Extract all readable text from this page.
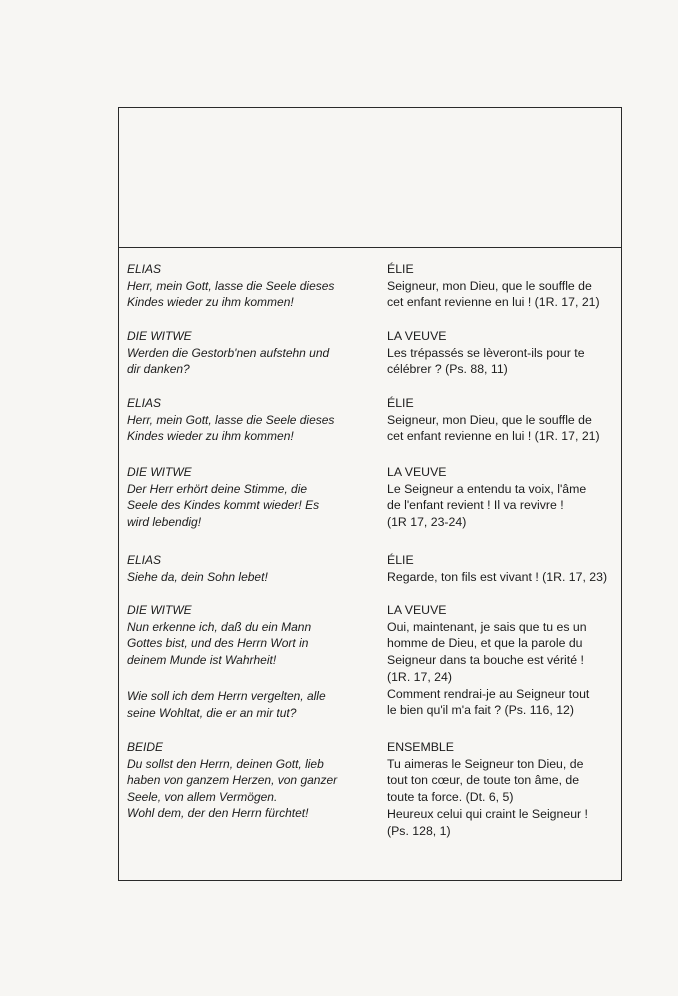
ELIAS
Herr, mein Gott, lasse die Seele dieses
Kindes wieder zu ihm kommen!
DIE WITWE
Werden die Gestorb'nen aufstehn und
dir danken?
ELIAS
Herr, mein Gott, lasse die Seele dieses
Kindes wieder zu ihm kommen!
DIE WITWE
Der Herr erhört deine Stimme, die
Seele des Kindes kommt wieder! Es
wird lebendig!
ELIAS
Siehe da, dein Sohn lebet!
DIE WITWE
Nun erkenne ich, daß du ein Mann
Gottes bist, und des Herrn Wort in
deinem Munde ist Wahrheit!
Wie soll ich dem Herrn vergelten, alle
seine Wohltat, die er an mir tut?
BEIDE
Du sollst den Herrn, deinen Gott, lieb
haben von ganzem Herzen, von ganzer
Seele, von allem Vermögen.
Wohl dem, der den Herrn fürchtet!
ÉLIE
Seigneur, mon Dieu, que le souffle de
cet enfant revienne en lui ! (1R. 17, 21)
LA VEUVE
Les trépassés se lèveront-ils pour te
célébrer ? (Ps. 88, 11)
ÉLIE
Seigneur, mon Dieu, que le souffle de
cet enfant revienne en lui ! (1R. 17, 21)
LA VEUVE
Le Seigneur a entendu ta voix, l'âme
de l'enfant revient ! Il va revivre !
(1R 17, 23-24)
ÉLIE
Regarde, ton fils est vivant ! (1R. 17, 23)
LA VEUVE
Oui, maintenant, je sais que tu es un
homme de Dieu, et que la parole du
Seigneur dans ta bouche est vérité !
(1R. 17, 24)
Comment rendrai-je au Seigneur tout
le bien qu'il m'a fait ? (Ps. 116, 12)
ENSEMBLE
Tu aimeras le Seigneur ton Dieu, de
tout ton cœur, de toute ton âme, de
toute ta force. (Dt. 6, 5)
Heureux celui qui craint le Seigneur !
(Ps. 128, 1)
